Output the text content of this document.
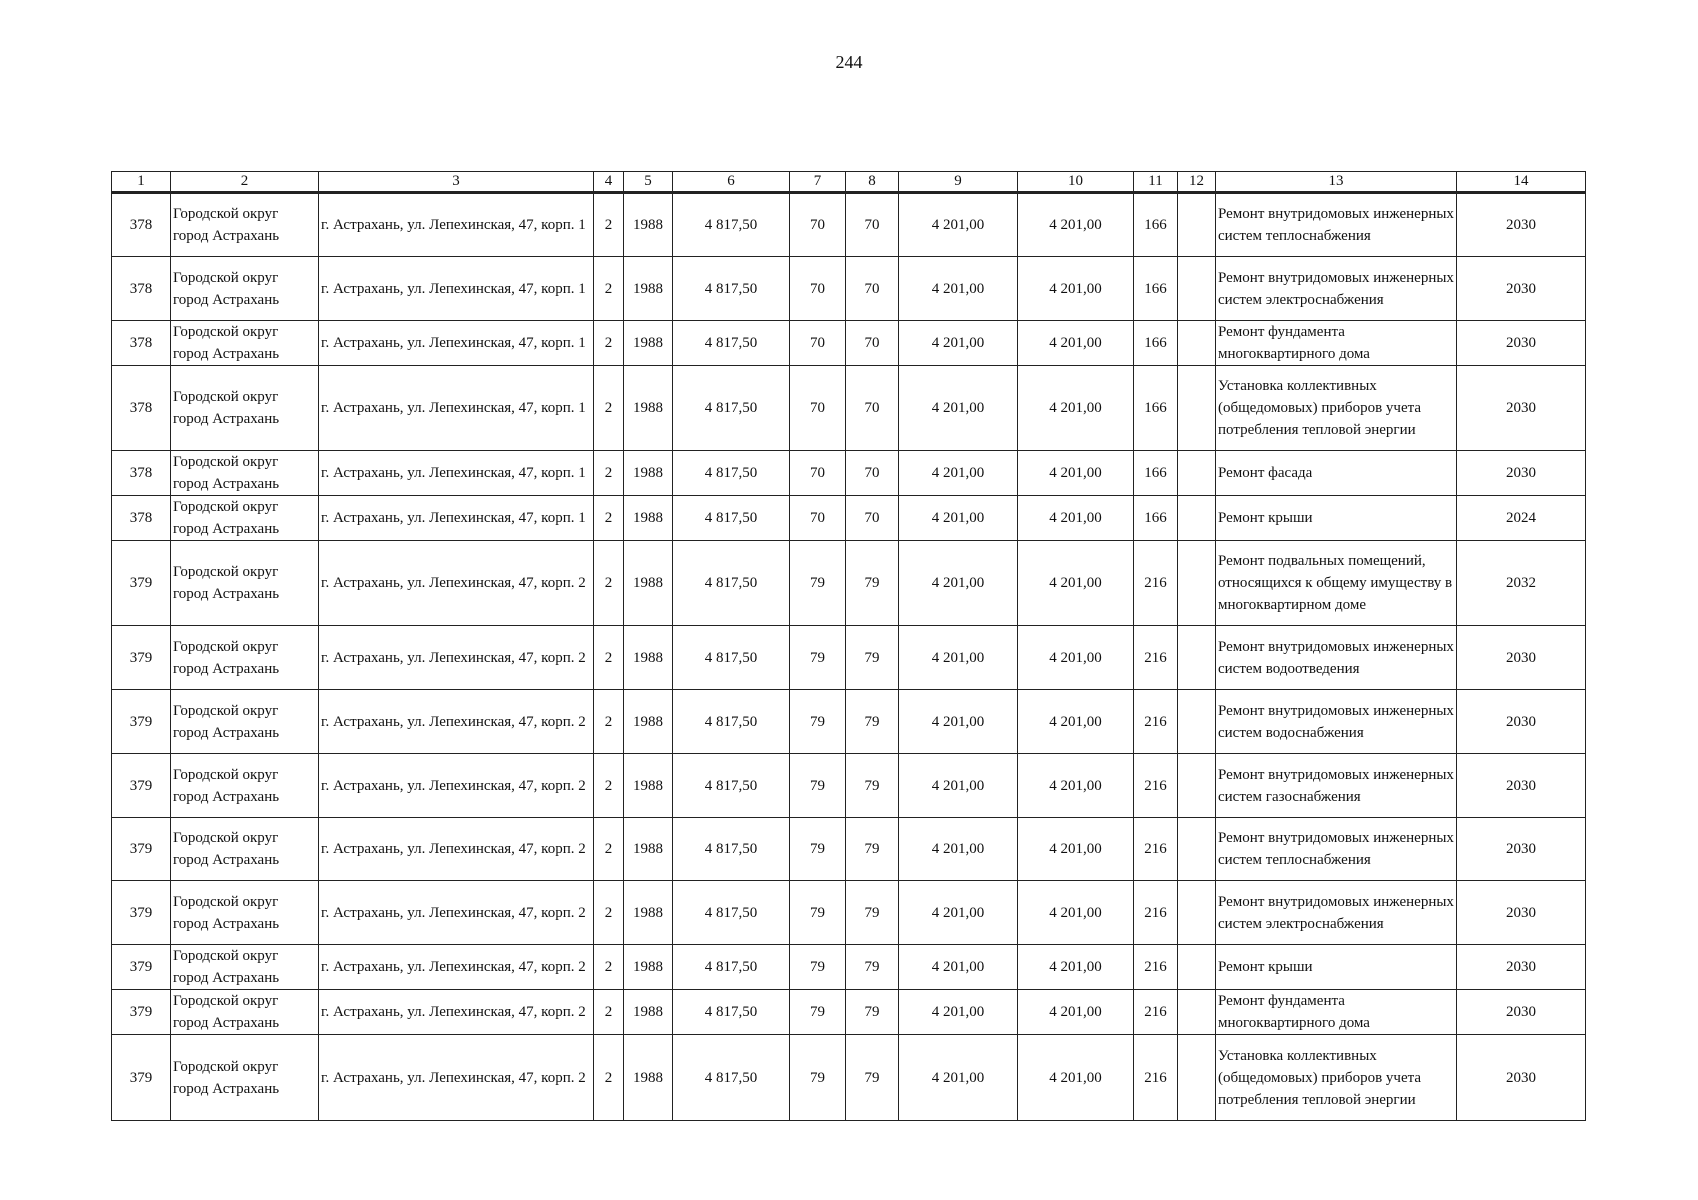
244
1	2	3	4	5	6	7	8	9	10	11	12	13	14
378	Городской округ город Астрахань	г. Астрахань, ул. Лепехинская, 47, корп. 1	2	1988	4 817,50	70	70	4 201,00	4 201,00	166		Ремонт внутридомовых инженерных систем теплоснабжения	2030
378	Городской округ город Астрахань	г. Астрахань, ул. Лепехинская, 47, корп. 1	2	1988	4 817,50	70	70	4 201,00	4 201,00	166		Ремонт внутридомовых инженерных систем электроснабжения	2030
378	Городской округ город Астрахань	г. Астрахань, ул. Лепехинская, 47, корп. 1	2	1988	4 817,50	70	70	4 201,00	4 201,00	166		Ремонт фундамента многоквартирного дома	2030
378	Городской округ город Астрахань	г. Астрахань, ул. Лепехинская, 47, корп. 1	2	1988	4 817,50	70	70	4 201,00	4 201,00	166		Установка коллективных (общедомовых) приборов учета потребления тепловой энергии	2030
378	Городской округ город Астрахань	г. Астрахань, ул. Лепехинская, 47, корп. 1	2	1988	4 817,50	70	70	4 201,00	4 201,00	166		Ремонт фасада	2030
378	Городской округ город Астрахань	г. Астрахань, ул. Лепехинская, 47, корп. 1	2	1988	4 817,50	70	70	4 201,00	4 201,00	166		Ремонт крыши	2024
379	Городской округ город Астрахань	г. Астрахань, ул. Лепехинская, 47, корп. 2	2	1988	4 817,50	79	79	4 201,00	4 201,00	216		Ремонт подвальных помещений, относящихся к общему имуществу в многоквартирном доме	2032
379	Городской округ город Астрахань	г. Астрахань, ул. Лепехинская, 47, корп. 2	2	1988	4 817,50	79	79	4 201,00	4 201,00	216		Ремонт внутридомовых инженерных систем водоотведения	2030
379	Городской округ город Астрахань	г. Астрахань, ул. Лепехинская, 47, корп. 2	2	1988	4 817,50	79	79	4 201,00	4 201,00	216		Ремонт внутридомовых инженерных систем водоснабжения	2030
379	Городской округ город Астрахань	г. Астрахань, ул. Лепехинская, 47, корп. 2	2	1988	4 817,50	79	79	4 201,00	4 201,00	216		Ремонт внутридомовых инженерных систем газоснабжения	2030
379	Городской округ город Астрахань	г. Астрахань, ул. Лепехинская, 47, корп. 2	2	1988	4 817,50	79	79	4 201,00	4 201,00	216		Ремонт внутридомовых инженерных систем теплоснабжения	2030
379	Городской округ город Астрахань	г. Астрахань, ул. Лепехинская, 47, корп. 2	2	1988	4 817,50	79	79	4 201,00	4 201,00	216		Ремонт внутридомовых инженерных систем электроснабжения	2030
379	Городской округ город Астрахань	г. Астрахань, ул. Лепехинская, 47, корп. 2	2	1988	4 817,50	79	79	4 201,00	4 201,00	216		Ремонт крыши	2030
379	Городской округ город Астрахань	г. Астрахань, ул. Лепехинская, 47, корп. 2	2	1988	4 817,50	79	79	4 201,00	4 201,00	216		Ремонт фундамента многоквартирного дома	2030
379	Городской округ город Астрахань	г. Астрахань, ул. Лепехинская, 47, корп. 2	2	1988	4 817,50	79	79	4 201,00	4 201,00	216		Установка коллективных (общедомовых) приборов учета потребления тепловой энергии	2030
